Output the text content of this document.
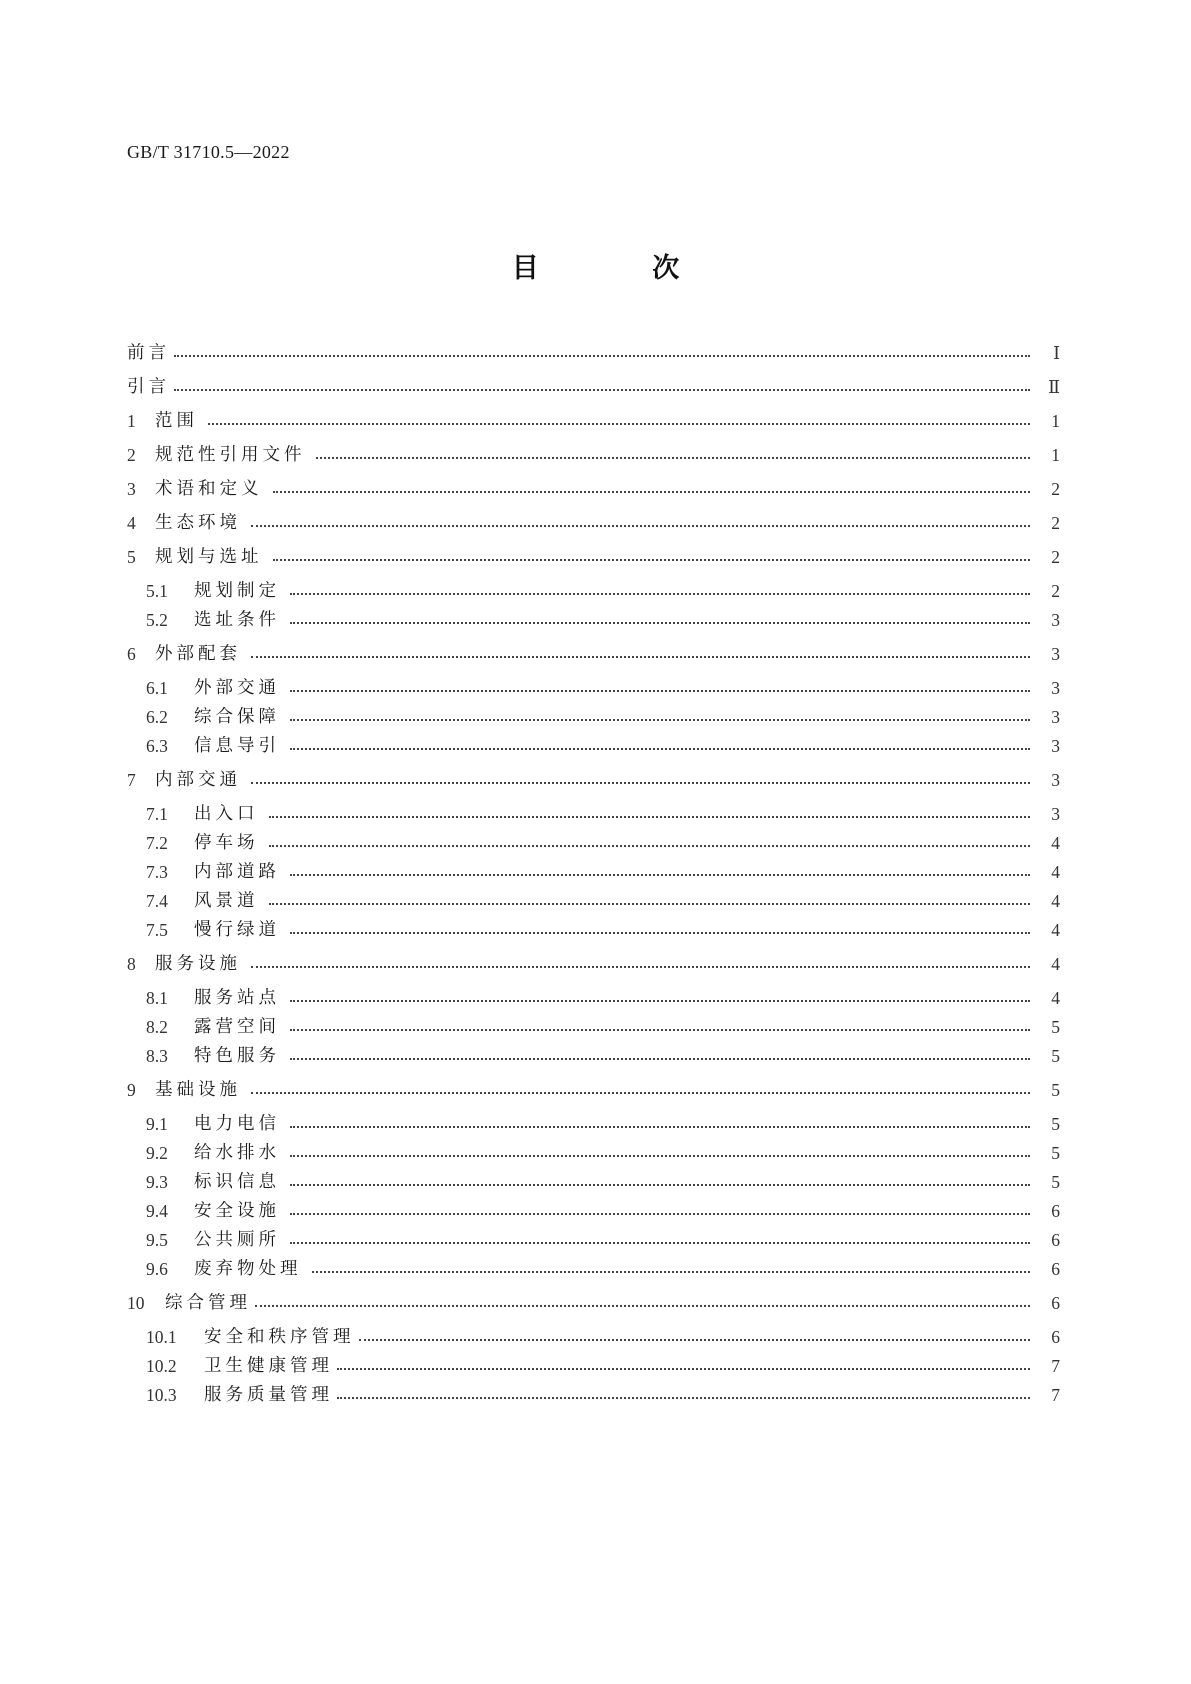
GB/T 31710.5—2022
目 次
前言	Ⅰ
引言	Ⅱ
1	范围	1
2	规范性引用文件	1
3	术语和定义	2
4	生态环境	2
5	规划与选址	2
5.1	规划制定	2
5.2	选址条件	3
6	外部配套	3
6.1	外部交通	3
6.2	综合保障	3
6.3	信息导引	3
7	内部交通	3
7.1	出入口	3
7.2	停车场	4
7.3	内部道路	4
7.4	风景道	4
7.5	慢行绿道	4
8	服务设施	4
8.1	服务站点	4
8.2	露营空间	5
8.3	特色服务	5
9	基础设施	5
9.1	电力电信	5
9.2	给水排水	5
9.3	标识信息	5
9.4	安全设施	6
9.5	公共厕所	6
9.6	废弃物处理	6
10	综合管理	6
10.1	安全和秩序管理	6
10.2	卫生健康管理	7
10.3	服务质量管理	7
